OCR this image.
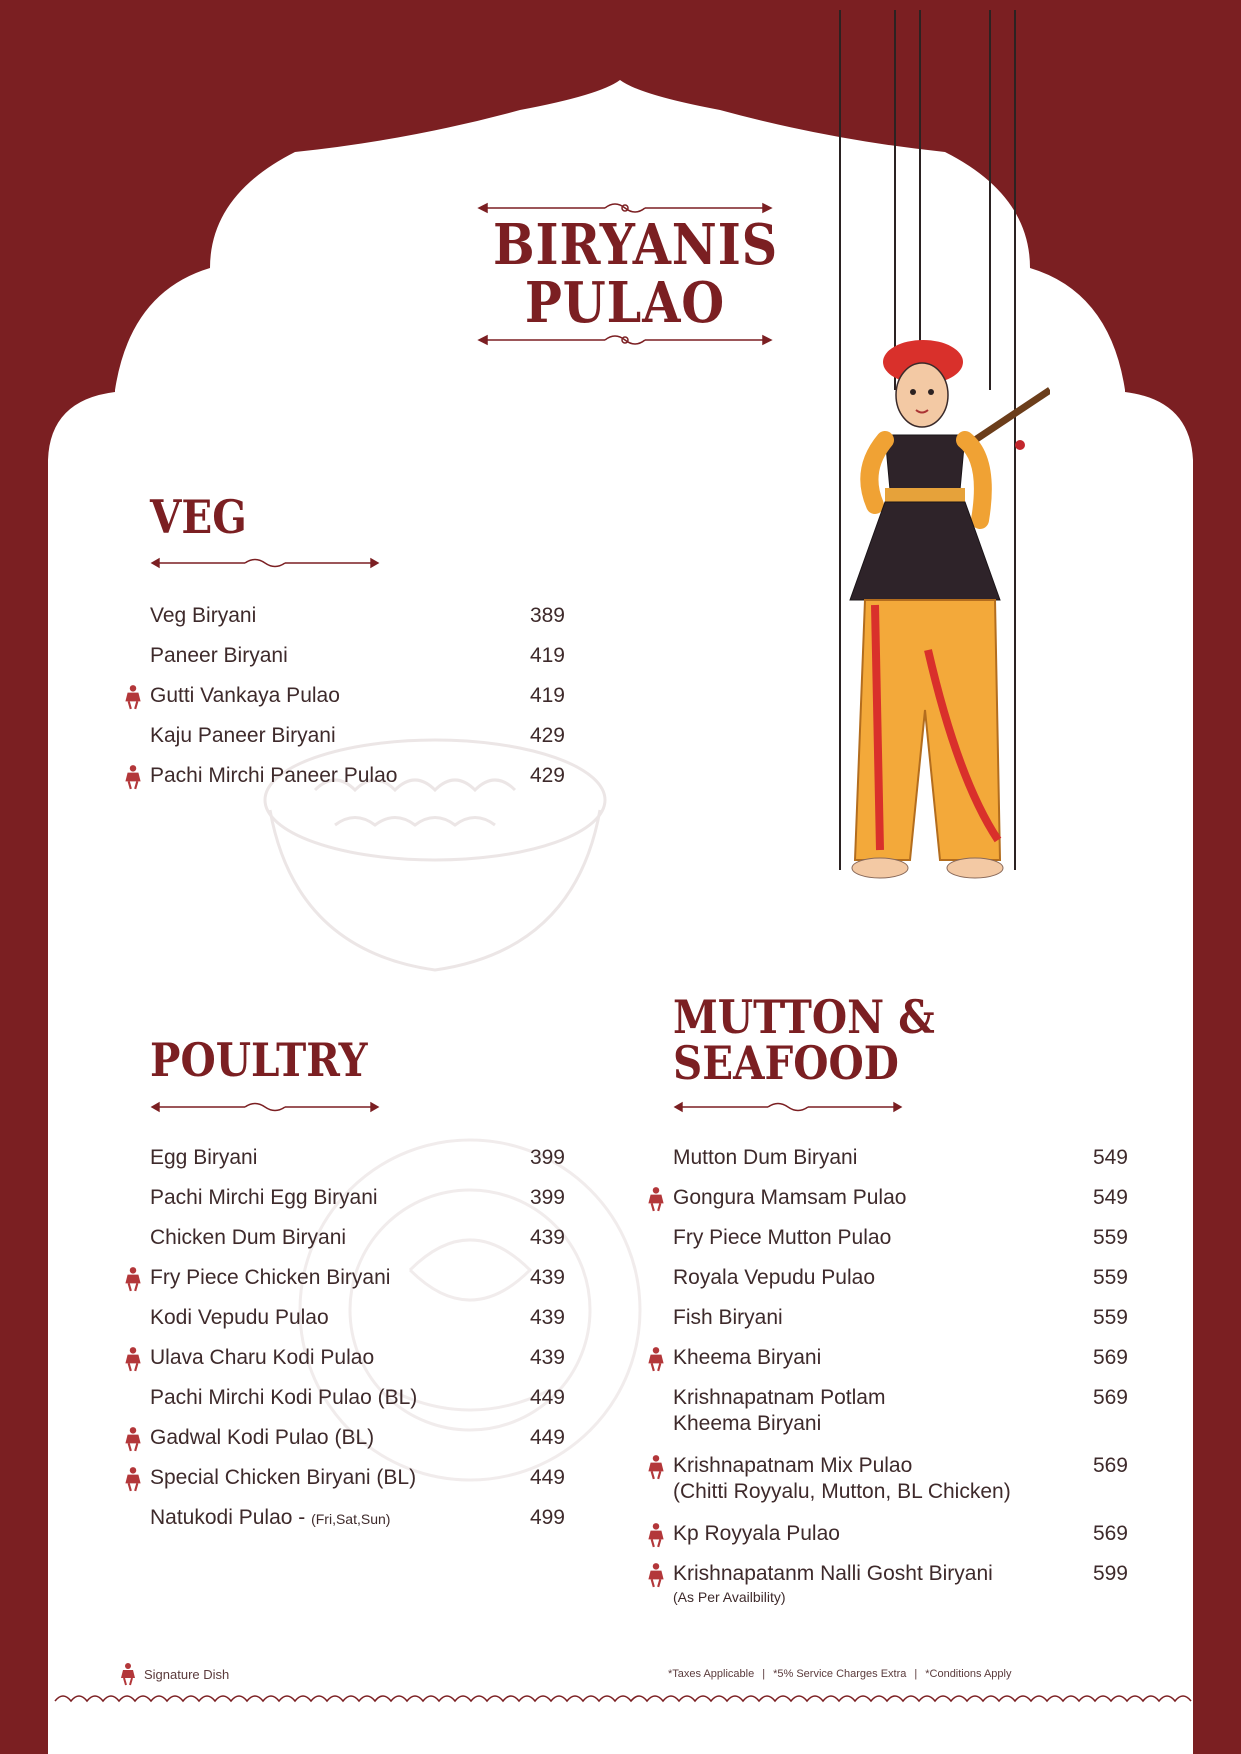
BIRYANIS
PULAO
VEG
Veg Biryani	389
Paneer Biryani	419
Gutti Vankaya Pulao	419
Kaju Paneer Biryani	429
Pachi Mirchi Paneer Pulao	429
POULTRY
Egg Biryani	399
Pachi Mirchi Egg Biryani	399
Chicken Dum Biryani	439
Fry Piece Chicken Biryani	439
Kodi Vepudu Pulao	439
Ulava Charu Kodi Pulao	439
Pachi Mirchi Kodi Pulao (BL)	449
Gadwal Kodi Pulao (BL)	449
Special Chicken Biryani (BL)	449
Natukodi Pulao - (Fri,Sat,Sun)	499
MUTTON &
SEAFOOD
Mutton Dum Biryani	549
Gongura Mamsam Pulao	549
Fry Piece Mutton Pulao	559
Royala Vepudu Pulao	559
Fish Biryani	559
Kheema Biryani	569
Krishnapatnam Potlam
Kheema Biryani
569
Krishnapatnam Mix Pulao
(Chitti Royyalu, Mutton, BL Chicken)
569
Kp Royyala Pulao	569
Krishnapatanm Nalli Gosht Biryani
(As Per Availbility)
599
Signature Dish	*Taxes Applicable | *5% Service Charges Extra | *Conditions Apply
